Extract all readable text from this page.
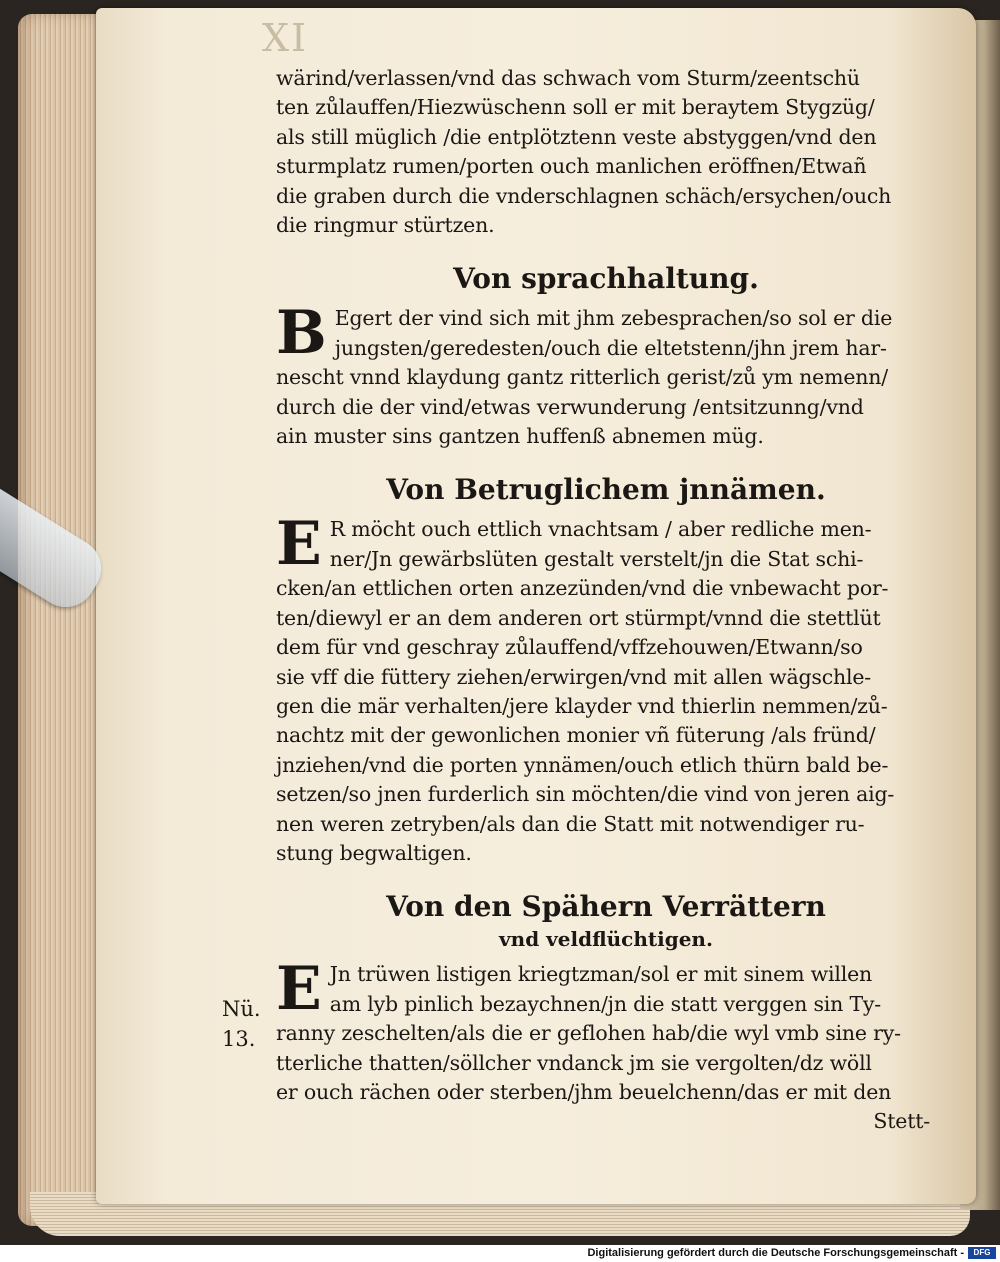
XI

wärind/verlassen/vnd das schwach vom Sturm/zeentschü

ten zůlauffen/Hiezwüschenn soll er mit beraytem Stygzüg/

als still müglich /die entplötztenn veste abstyggen/vnd den

sturmplatz rumen/porten ouch manlichen eröffnen/Etwañ

die graben durch die vnderschlagnen schäch/ersychen/ouch

die ringmur stürtzen.

Von sprachhaltung.
B Egert der vind sich mit jhm zebesprachen/so sol er die

jungsten/geredesten/ouch die eltetstenn/jhn jrem har-

nescht vnnd klaydung gantz ritterlich gerist/zů ym nemenn/

durch die der vind/etwas verwunderung /entsitzunng/vnd

ain muster sins gantzen huffenß abnemen müg.

Von Betruglichem jnnämen.
E R möcht ouch ettlich vnachtsam / aber redliche men-

ner/Jn gewärbslüten gestalt verstelt/jn die Stat schi-

cken/an ettlichen orten anzezünden/vnd die vnbewacht por-

ten/diewyl er an dem anderen ort stürmpt/vnnd die stettlüt

dem für vnd geschray zůlauffend/vffzehouwen/Etwann/so

sie vff die füttery ziehen/erwirgen/vnd mit allen wägschle-

gen die mär verhalten/jere klayder vnd thierlin nemmen/zů-

nachtz mit der gewonlichen monier vñ füterung /als fründ/

jnziehen/vnd die porten ynnämen/ouch etlich thürn bald be-

setzen/so jnen furderlich sin möchten/die vind von jeren aig-

nen weren zetryben/als dan die Statt mit notwendiger ru-

stung begwaltigen.

Von den Spähern Verrättern
vnd veldflüchtigen.
E Jn trüwen listigen kriegtzman/sol er mit sinem willen

am lyb pinlich bezaychnen/jn die statt verggen sin Ty-

ranny zeschelten/als die er geflohen hab/die wyl vmb sine ry-

tterliche thatten/söllcher vndanck jm sie vergolten/dz wöll

er ouch rächen oder sterben/jhm beuelchenn/das er mit den

Stett-

Nü.
13.
Digitalisierung gefördert durch die Deutsche Forschungsgemeinschaft -	DFG
